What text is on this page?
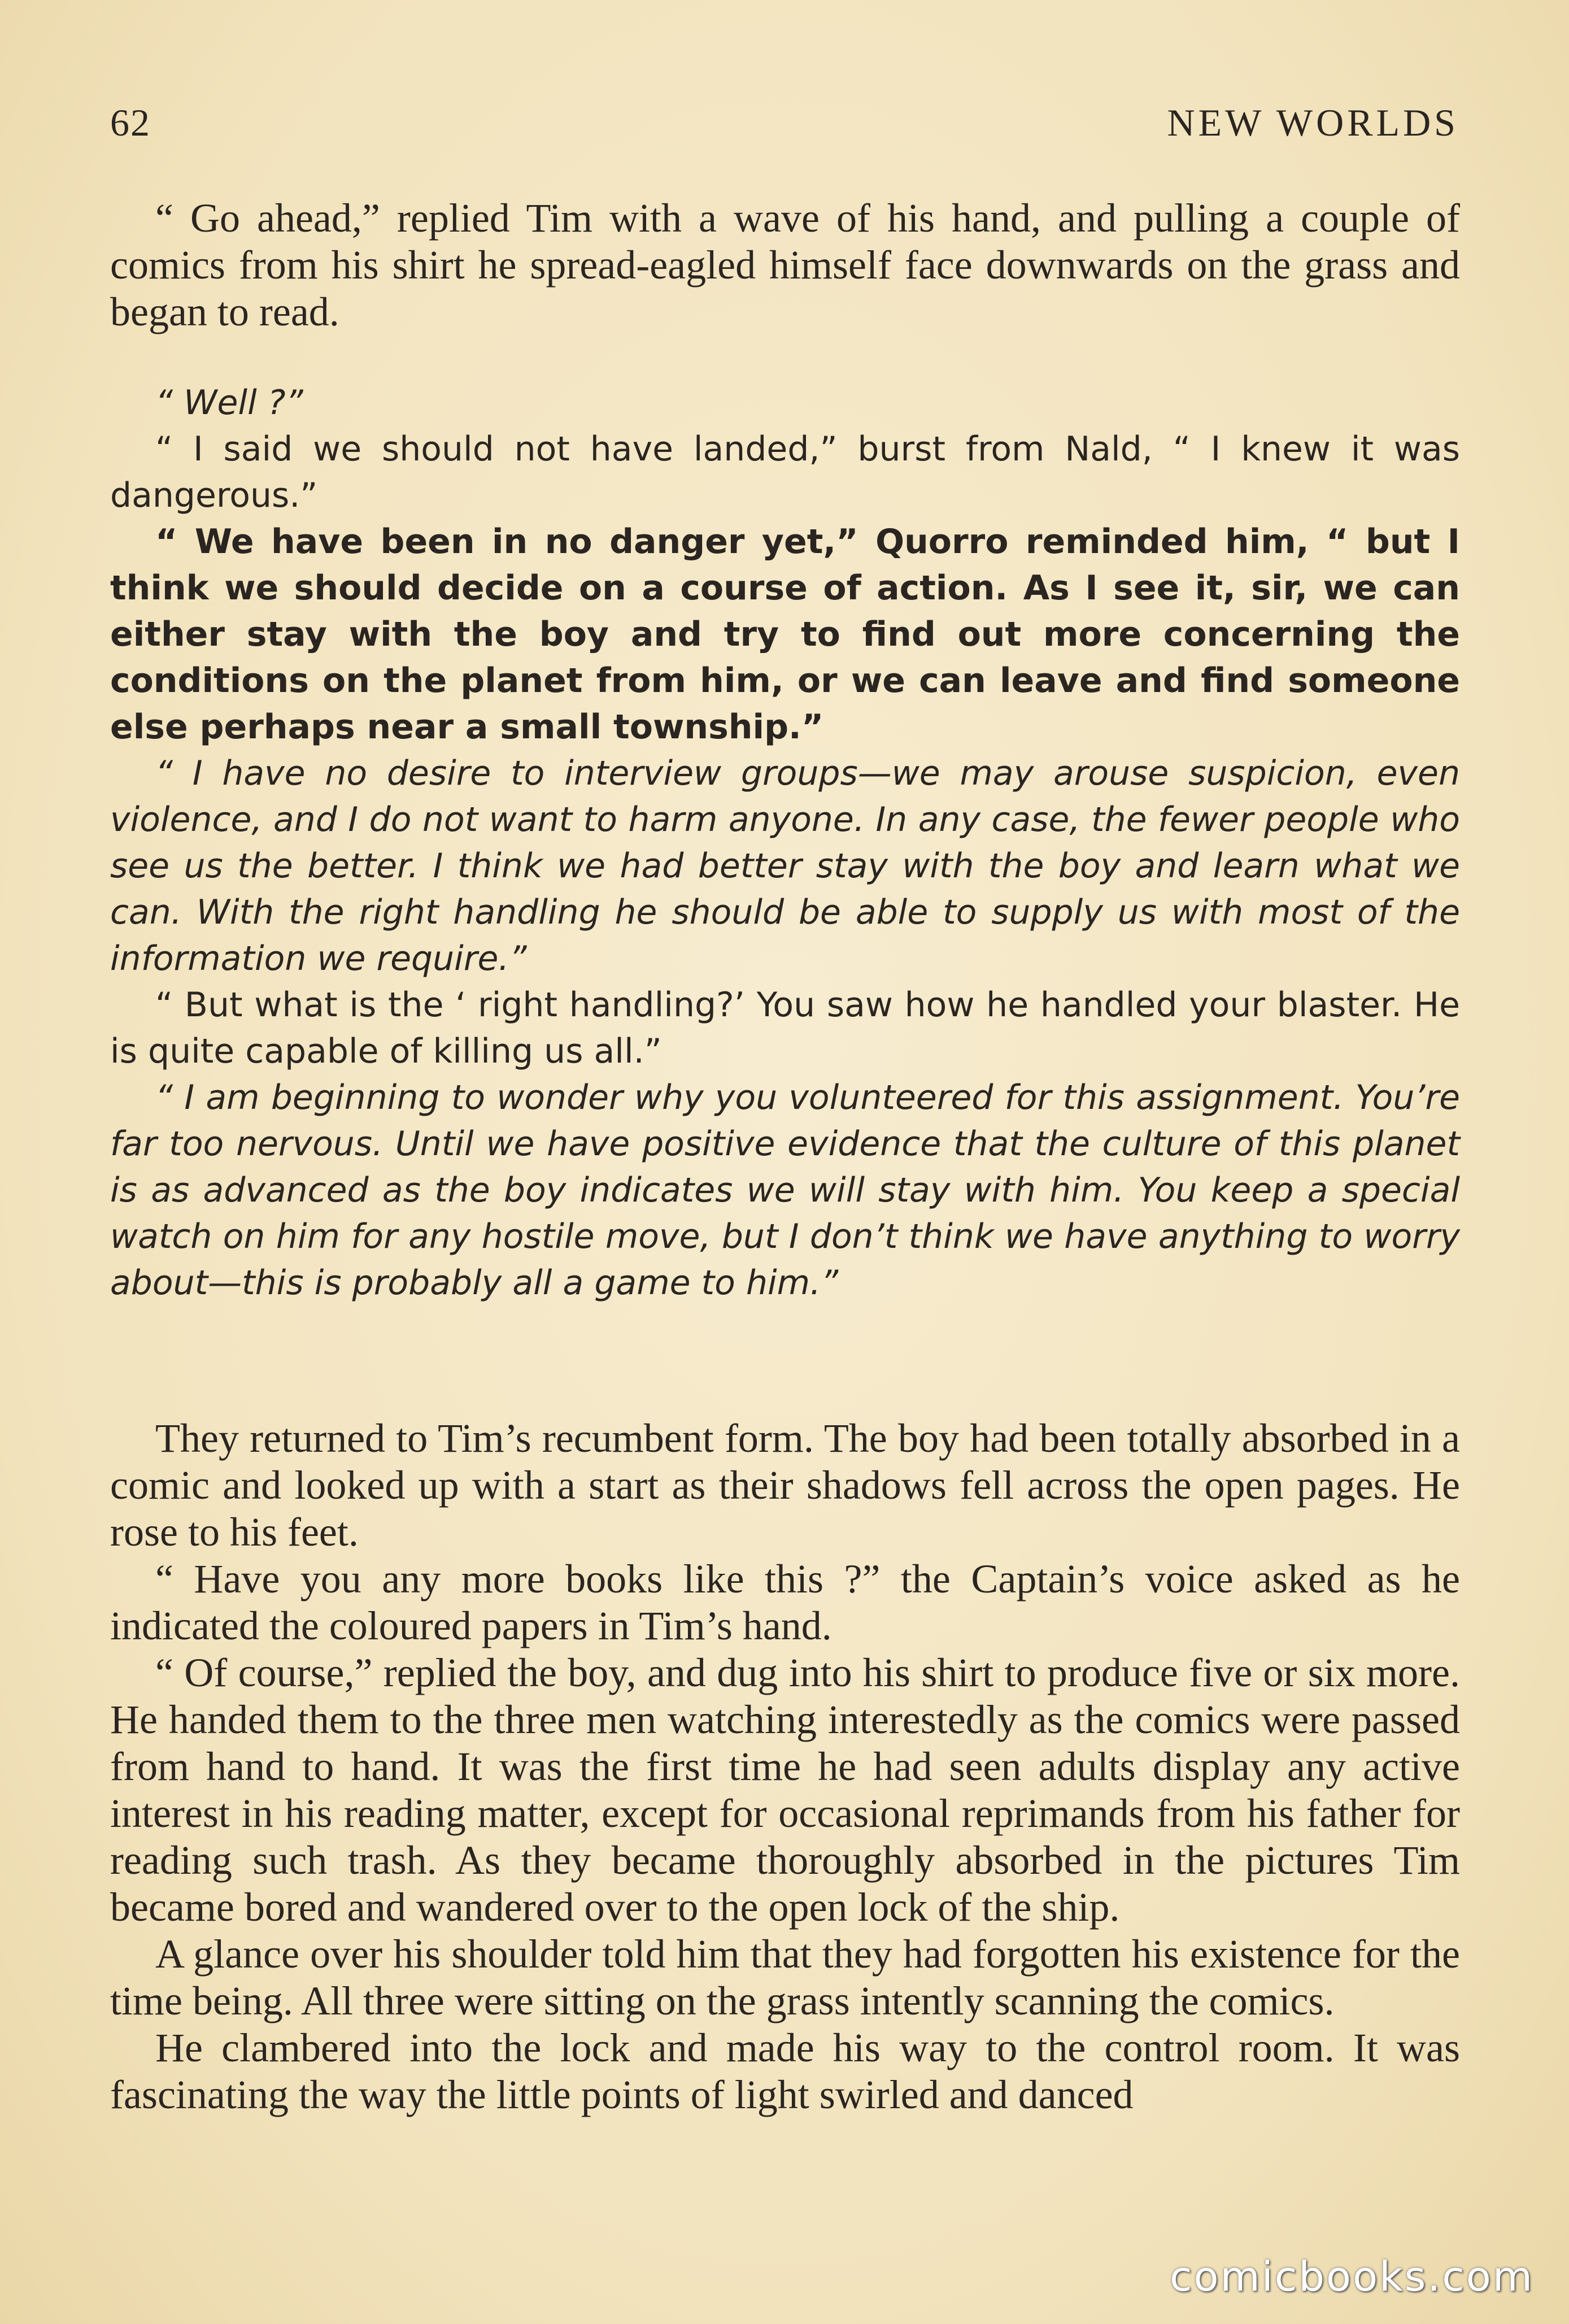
62	NEW WORLDS

“ Go ahead,” replied Tim with a wave of his hand, and pulling a couple of comics from his shirt he spread-eagled himself face downwards on the grass and began to read.

“ Well ?”

“ I said we should not have landed,” burst from Nald, “ I knew it was dangerous.”

“ We have been in no danger yet,” Quorro reminded him, “ but I think we should decide on a course of action. As I see it, sir, we can either stay with the boy and try to find out more concerning the conditions on the planet from him, or we can leave and find someone else perhaps near a small township.”

“ I have no desire to interview groups—we may arouse suspicion, even violence, and I do not want to harm anyone. In any case, the fewer people who see us the better. I think we had better stay with the boy and learn what we can. With the right handling he should be able to supply us with most of the information we require.”

“ But what is the ‘ right handling?’ You saw how he handled your blaster. He is quite capable of killing us all.”

“ I am beginning to wonder why you volunteered for this assignment. You’re far too nervous. Until we have positive evidence that the culture of this planet is as advanced as the boy indicates we will stay with him. You keep a special watch on him for any hostile move, but I don’t think we have anything to worry about—this is probably all a game to him.”

They returned to Tim’s recumbent form. The boy had been totally absorbed in a comic and looked up with a start as their shadows fell across the open pages. He rose to his feet.

“ Have you any more books like this ?” the Captain’s voice asked as he indicated the coloured papers in Tim’s hand.

“ Of course,” replied the boy, and dug into his shirt to produce five or six more. He handed them to the three men watching interestedly as the comics were passed from hand to hand. It was the first time he had seen adults display any active interest in his reading matter, except for occasional reprimands from his father for reading such trash. As they became thoroughly absorbed in the pictures Tim became bored and wandered over to the open lock of the ship.

A glance over his shoulder told him that they had forgotten his existence for the time being. All three were sitting on the grass intently scanning the comics.

He clambered into the lock and made his way to the control room. It was fascinating the way the little points of light swirled and danced

comicbooks.com
